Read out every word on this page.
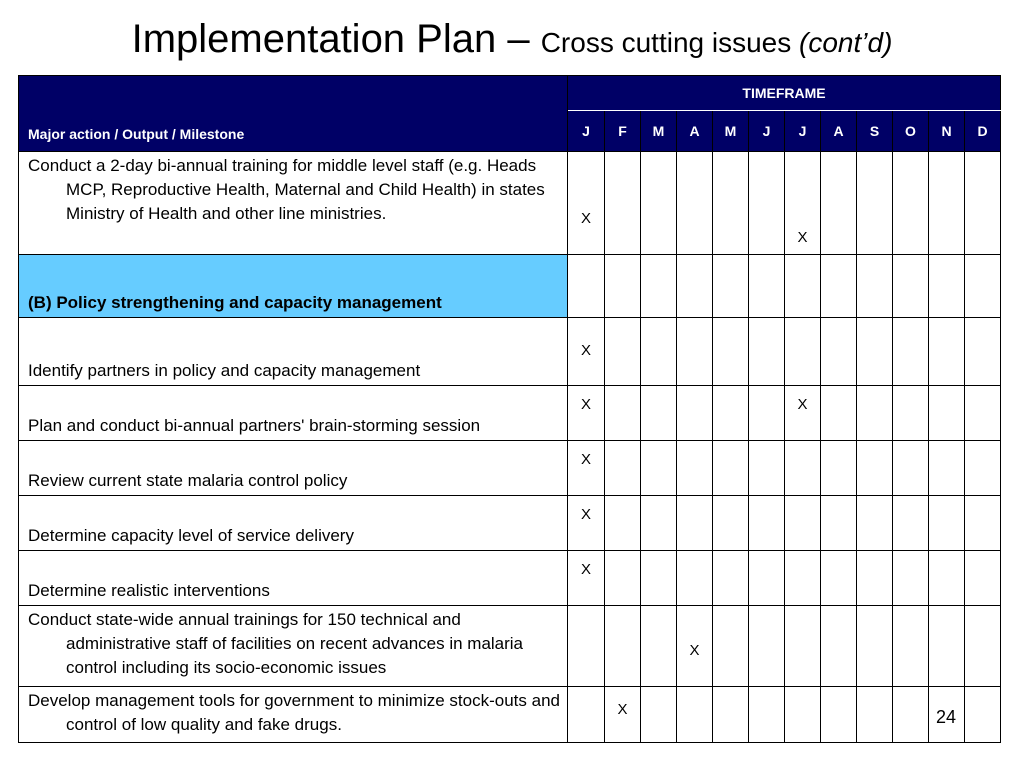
Implementation Plan – Cross cutting issues (cont’d)
Major action / Output / Milestone	TIMEFRAME											
	J	F	M	A	M	J	J	A	S	O	N	D

Conduct a 2-day bi-annual training for middle level staff (e.g. Heads MCP, Reproductive Health, Maternal and Child Health) in states Ministry of Health and other line ministries.	X						X					

(B) Policy strengthening and capacity management												

Identify partners in policy and capacity management	X											

Plan and conduct bi-annual partners' brain-storming session	X						X					

Review current state malaria control policy	X											

Determine capacity level of service delivery	X											

Determine realistic interventions	X											

Conduct state-wide annual trainings for 150 technical and administrative staff of facilities on recent advances in malaria control including its socio-economic issues				X								

Develop management tools for government to minimize stock-outs and control of low quality and fake drugs.		X										
											24
